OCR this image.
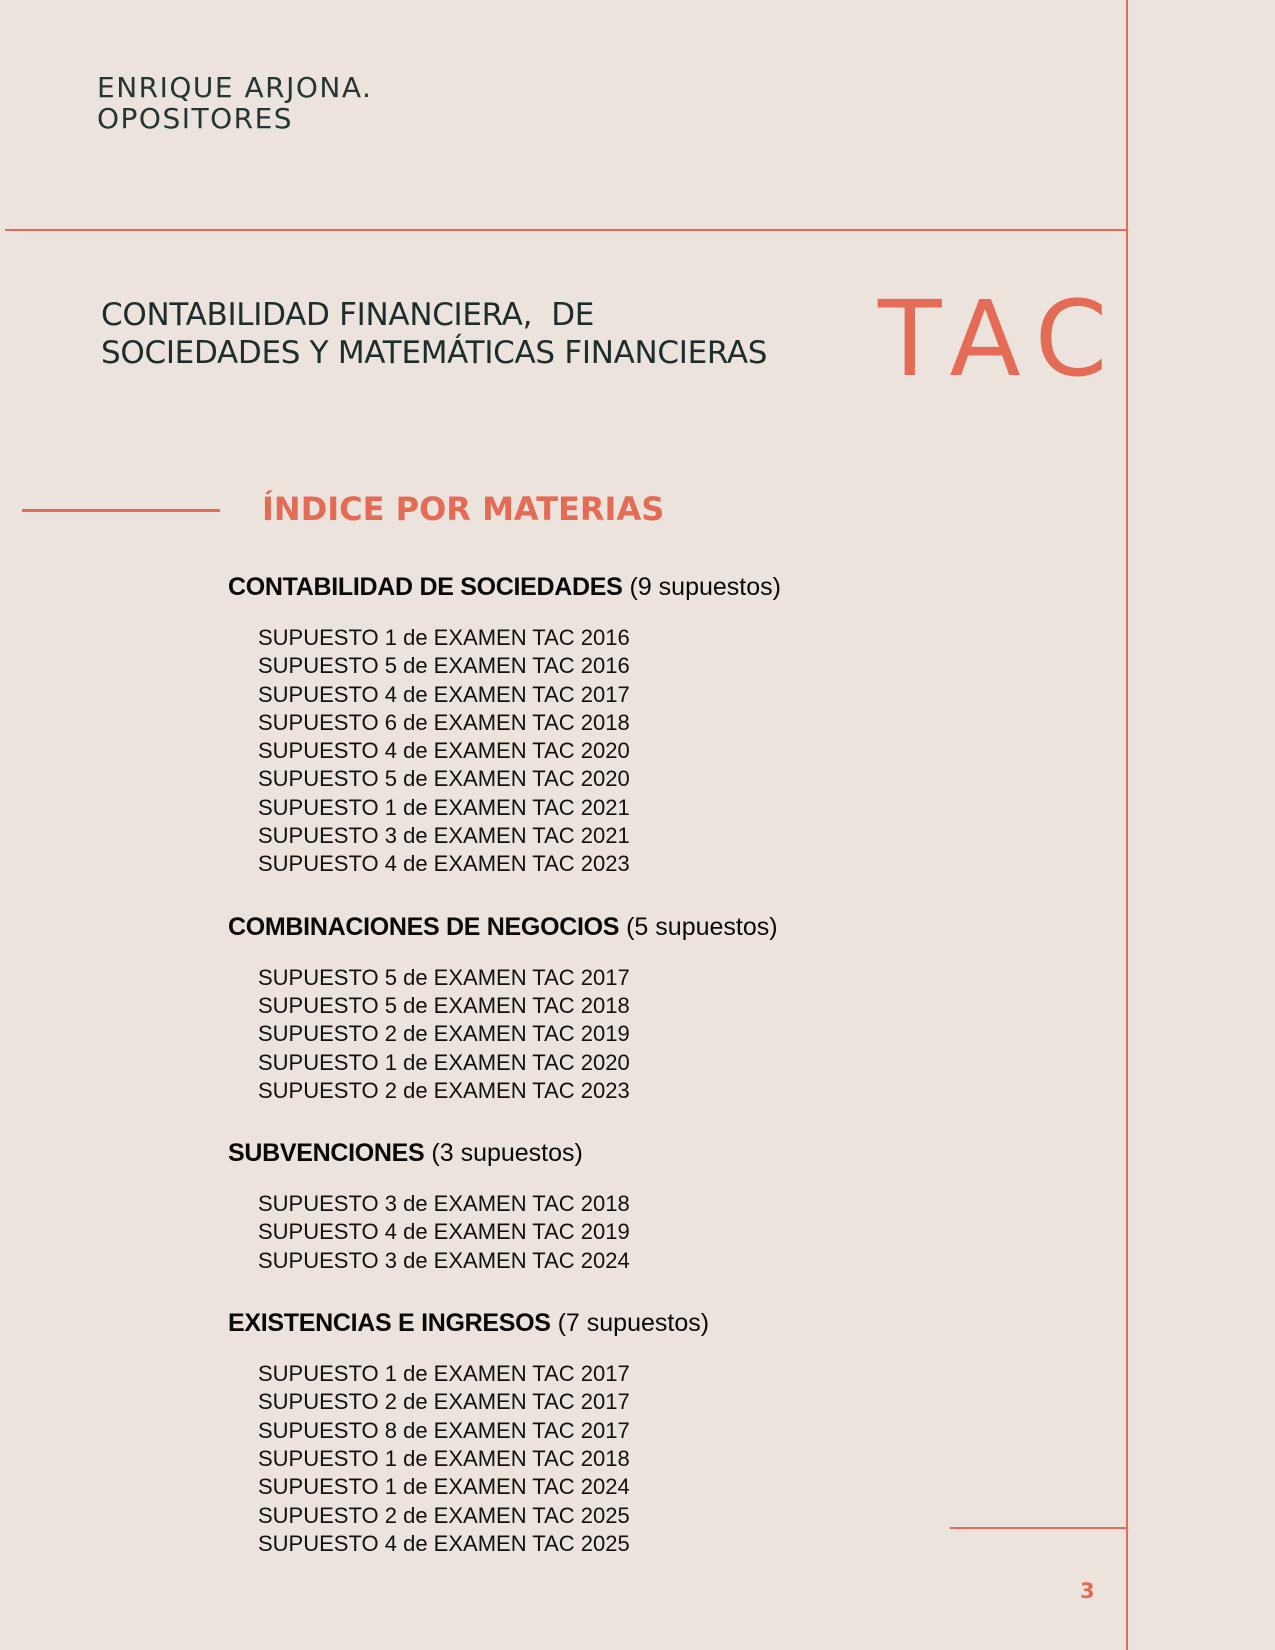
ENRIQUE ARJONA.
OPOSITORES
CONTABILIDAD FINANCIERA,  DE
SOCIEDADES Y MATEMÁTICAS FINANCIERAS TAC
ÍNDICE POR MATERIAS
CONTABILIDAD DE SOCIEDADES (9 supuestos)
SUPUESTO 1 de EXAMEN TAC 2016
SUPUESTO 5 de EXAMEN TAC 2016
SUPUESTO 4 de EXAMEN TAC 2017
SUPUESTO 6 de EXAMEN TAC 2018
SUPUESTO 4 de EXAMEN TAC 2020
SUPUESTO 5 de EXAMEN TAC 2020
SUPUESTO 1 de EXAMEN TAC 2021
SUPUESTO 3 de EXAMEN TAC 2021
SUPUESTO 4 de EXAMEN TAC 2023
COMBINACIONES DE NEGOCIOS (5 supuestos)
SUPUESTO 5 de EXAMEN TAC 2017
SUPUESTO 5 de EXAMEN TAC 2018
SUPUESTO 2 de EXAMEN TAC 2019
SUPUESTO 1 de EXAMEN TAC 2020
SUPUESTO 2 de EXAMEN TAC 2023
SUBVENCIONES (3 supuestos)
SUPUESTO 3 de EXAMEN TAC 2018
SUPUESTO 4 de EXAMEN TAC 2019
SUPUESTO 3 de EXAMEN TAC 2024
EXISTENCIAS E INGRESOS (7 supuestos)
SUPUESTO 1 de EXAMEN TAC 2017
SUPUESTO 2 de EXAMEN TAC 2017
SUPUESTO 8 de EXAMEN TAC 2017
SUPUESTO 1 de EXAMEN TAC 2018
SUPUESTO 1 de EXAMEN TAC 2024
SUPUESTO 2 de EXAMEN TAC 2025
SUPUESTO 4 de EXAMEN TAC 2025
3
